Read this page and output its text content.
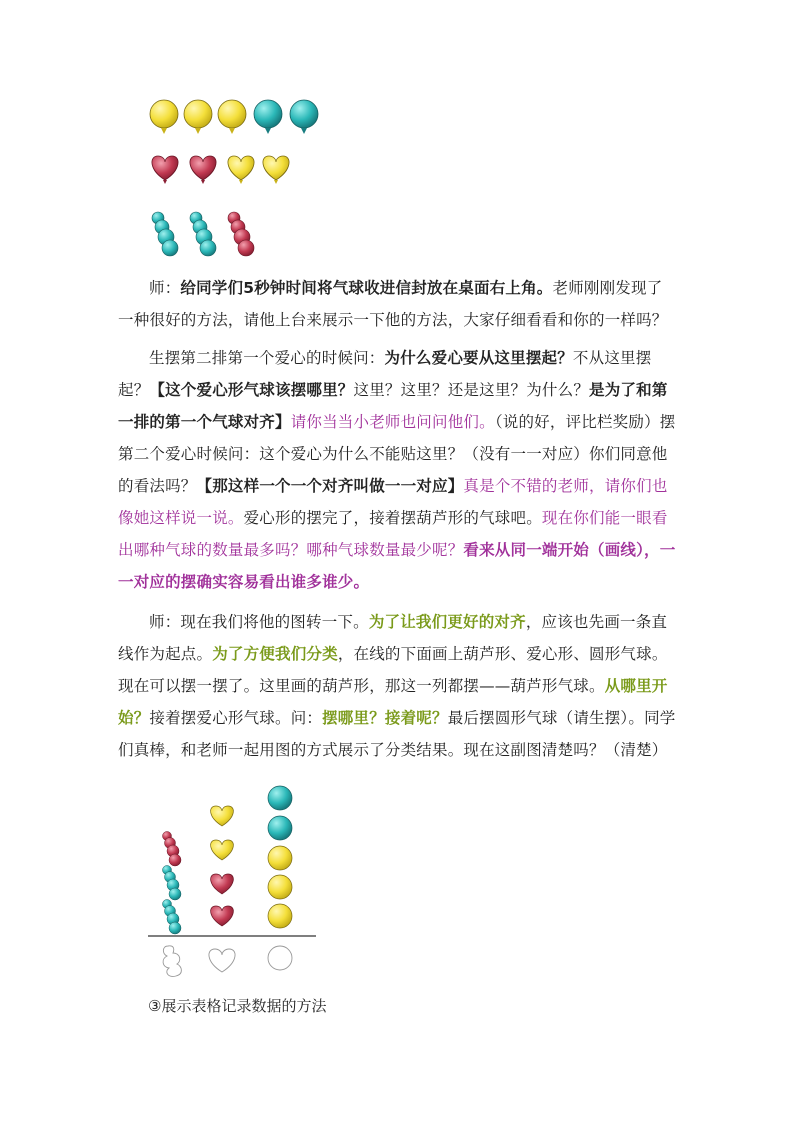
师：给同学们5秒钟时间将气球收进信封放在桌面右上角。老师刚刚发现了一种很好的方法，请他上台来展示一下他的方法，大家仔细看看和你的一样吗？

生摆第二排第一个爱心的时候问：为什么爱心要从这里摆起？不从这里摆起？【这个爱心形气球该摆哪里？这里？这里？还是这里？为什么？是为了和第一排的第一个气球对齐】请你当当小老师也问问他们。（说的好，评比栏奖励）摆第二个爱心时候问：这个爱心为什么不能贴这里？（没有一一对应）你们同意他的看法吗？【那这样一个一个对齐叫做一一对应】真是个不错的老师，请你们也像她这样说一说。爱心形的摆完了，接着摆葫芦形的气球吧。现在你们能一眼看出哪种气球的数量最多吗？哪种气球数量最少呢？看来从同一端开始（画线），一一对应的摆确实容易看出谁多谁少。

师：现在我们将他的图转一下。为了让我们更好的对齐，应该也先画一条直线作为起点。为了方便我们分类，在线的下面画上葫芦形、爱心形、圆形气球。现在可以摆一摆了。这里画的葫芦形，那这一列都摆——葫芦形气球。从哪里开始？接着摆爱心形气球。问：摆哪里？接着呢？最后摆圆形气球（请生摆）。同学们真棒，和老师一起用图的方式展示了分类结果。现在这副图清楚吗？（清楚）

③展示表格记录数据的方法
